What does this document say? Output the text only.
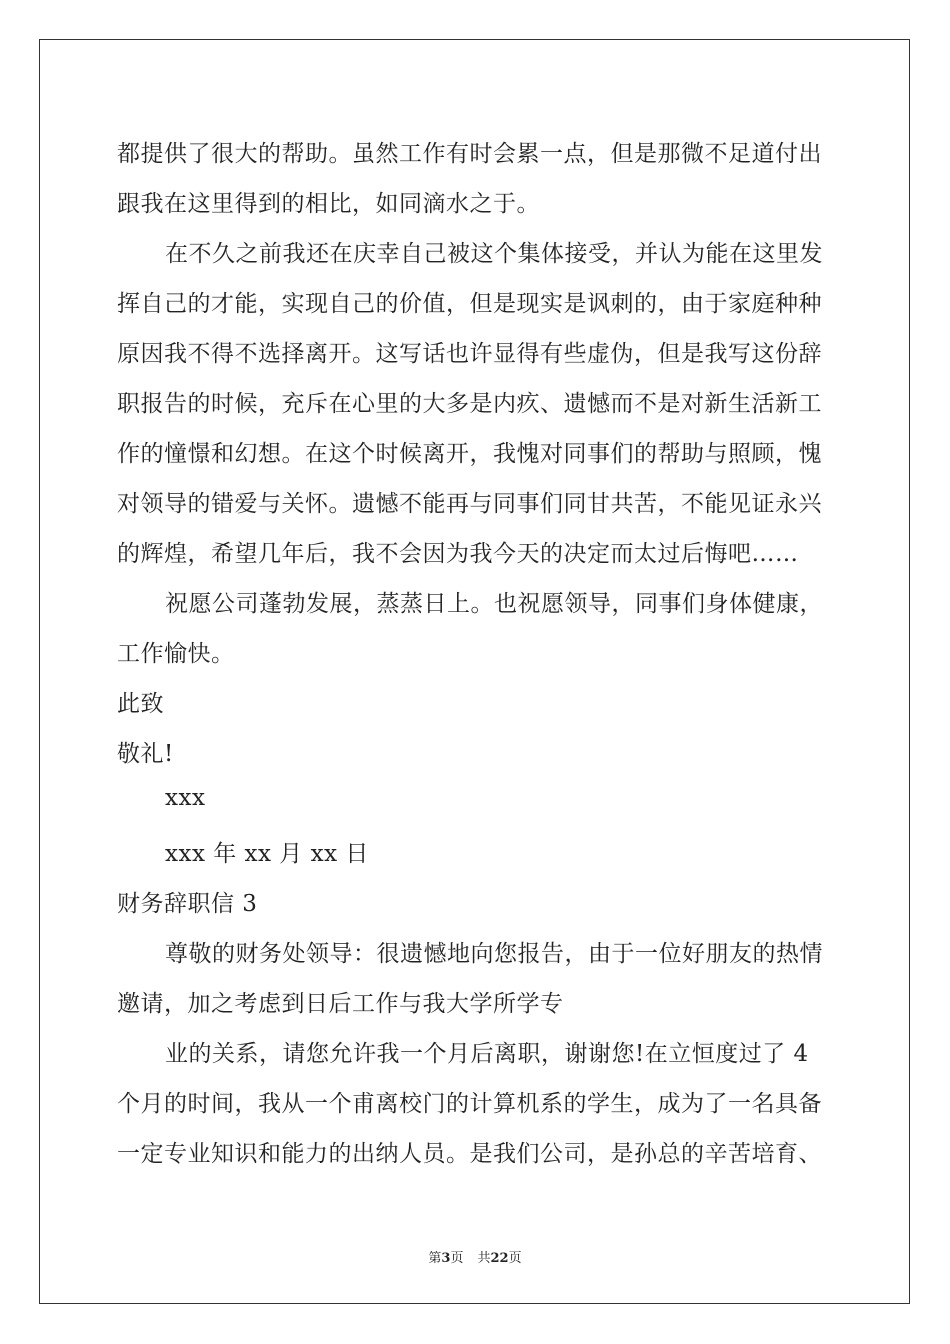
都提供了很大的帮助。虽然工作有时会累一点，但是那微不足道付出
跟我在这里得到的相比，如同滴水之于。
在不久之前我还在庆幸自己被这个集体接受，并认为能在这里发
挥自己的才能，实现自己的价值，但是现实是讽刺的，由于家庭种种
原因我不得不选择离开。这写话也许显得有些虚伪，但是我写这份辞
职报告的时候，充斥在心里的大多是内疚、遗憾而不是对新生活新工
作的憧憬和幻想。在这个时候离开，我愧对同事们的帮助与照顾，愧
对领导的错爱与关怀。遗憾不能再与同事们同甘共苦，不能见证永兴
的辉煌，希望几年后，我不会因为我今天的决定而太过后悔吧……
祝愿公司蓬勃发展，蒸蒸日上。也祝愿领导，同事们身体健康，
工作愉快。
此致
敬礼!
xxx
xxx 年 xx 月 xx 日
财务辞职信 3
尊敬的财务处领导：很遗憾地向您报告，由于一位好朋友的热情
邀请，加之考虑到日后工作与我大学所学专
业的关系，请您允许我一个月后离职，谢谢您!在立恒度过了 4
个月的时间，我从一个甫离校门的计算机系的学生，成为了一名具备
一定专业知识和能力的出纳人员。是我们公司，是孙总的辛苦培育、
第3页 共22页
